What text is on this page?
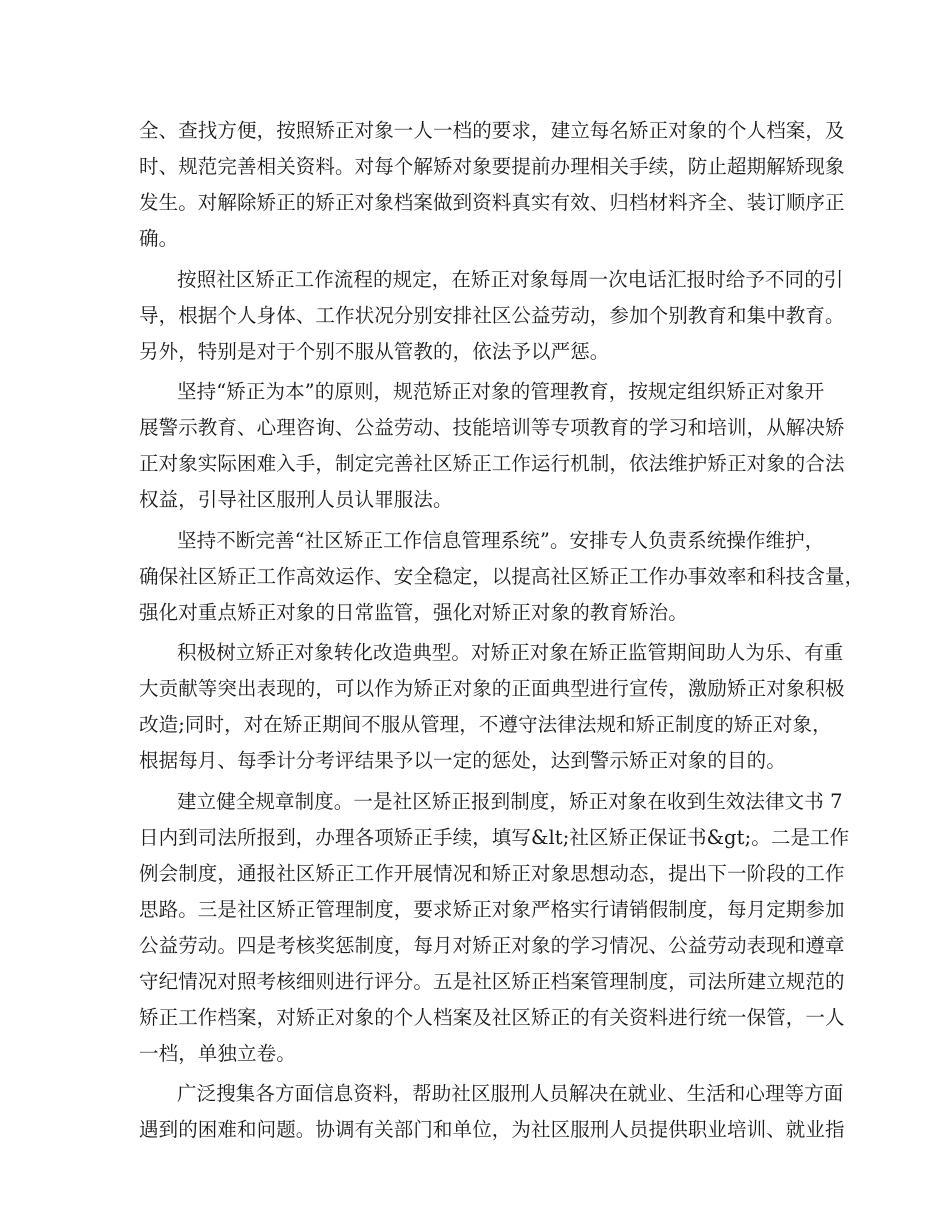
全、查找方便，按照矫正对象一人一档的要求，建立每名矫正对象的个人档案，及
时、规范完善相关资料。对每个解矫对象要提前办理相关手续，防止超期解矫现象
发生。对解除矫正的矫正对象档案做到资料真实有效、归档材料齐全、装订顺序正
确。
按照社区矫正工作流程的规定，在矫正对象每周一次电话汇报时给予不同的引
导，根据个人身体、工作状况分别安排社区公益劳动，参加个别教育和集中教育。
另外，特别是对于个别不服从管教的，依法予以严惩。
坚持“矫正为本”的原则，规范矫正对象的管理教育，按规定组织矫正对象开
展警示教育、心理咨询、公益劳动、技能培训等专项教育的学习和培训，从解决矫
正对象实际困难入手，制定完善社区矫正工作运行机制，依法维护矫正对象的合法
权益，引导社区服刑人员认罪服法。
坚持不断完善“社区矫正工作信息管理系统”。安排专人负责系统操作维护，
确保社区矫正工作高效运作、安全稳定，以提高社区矫正工作办事效率和科技含量，
强化对重点矫正对象的日常监管，强化对矫正对象的教育矫治。
积极树立矫正对象转化改造典型。对矫正对象在矫正监管期间助人为乐、有重
大贡献等突出表现的，可以作为矫正对象的正面典型进行宣传，激励矫正对象积极
改造;同时，对在矫正期间不服从管理，不遵守法律法规和矫正制度的矫正对象，
根据每月、每季计分考评结果予以一定的惩处，达到警示矫正对象的目的。
建立健全规章制度。一是社区矫正报到制度，矫正对象在收到生效法律文书 7
日内到司法所报到，办理各项矫正手续，填写&lt;社区矫正保证书&gt;。二是工作
例会制度，通报社区矫正工作开展情况和矫正对象思想动态，提出下一阶段的工作
思路。三是社区矫正管理制度，要求矫正对象严格实行请销假制度，每月定期参加
公益劳动。四是考核奖惩制度，每月对矫正对象的学习情况、公益劳动表现和遵章
守纪情况对照考核细则进行评分。五是社区矫正档案管理制度，司法所建立规范的
矫正工作档案，对矫正对象的个人档案及社区矫正的有关资料进行统一保管，一人
一档，单独立卷。
广泛搜集各方面信息资料，帮助社区服刑人员解决在就业、生活和心理等方面
遇到的困难和问题。协调有关部门和单位，为社区服刑人员提供职业培训、就业指
